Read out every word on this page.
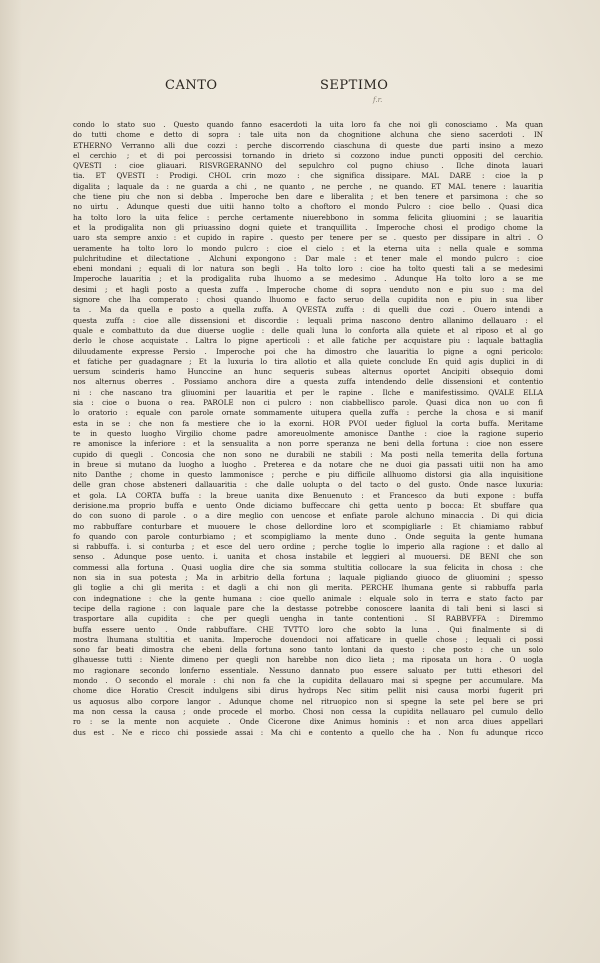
CANTO	SEPTIMO
f.r.
condo lo stato suo . Questo quando fanno esacerdoti la uita loro fa che noi gli conosciamo . Ma quan
do tutti chome e detto di sopra : tale uita non da chognitione alchuna che sieno sacerdoti . IN
ETHERNO Verranno alli due cozzi : perche discorrendo ciaschuna di queste due parti insino a mezo
el cerchio ; et di poi percossisi tornando in drieto si cozzono indue puncti oppositi del cerchio.
QVESTI : cioe gliauari. RISVRGERANNO del sepulchro col pugno chiuso . Ilche dinota lauari
tia. ET QVESTI : Prodigi. CHOL crin mozo : che significa dissipare. MAL DARE : cioe la p
digalita ; laquale da : ne guarda a chi , ne quanto , ne perche , ne quando. ET MAL tenere : lauaritia
che tiene piu che non si debba . Imperoche ben dare e liberalita ; et ben tenere et parsimona : che so
no uirtu . Adunque questi due uitii hanno tolto a choftoro el mondo Pulcro : cioe bello . Quasi dica
ha tolto loro la uita felice : perche certamente niuerebbono in somma felicita gliuomini ; se lauaritia
et la prodigalita non gli priuassino dogni quiete et tranquillita . Imperoche chosi el prodigo chome la
uaro sta sempre anxio : et cupido in rapire . questo per tenere per se . questo per dissipare in altri . O
ueramente ha tolto loro lo mondo pulcro : cioe el cielo : et la eterna uita : nella quale e somma
pulchritudine et dilectatione . Alchuni expongono : Dar male : et tener male el mondo pulcro : cioe
ebeni mondani ; equali di lor natura son begli . Ha tolto loro : cioe ha tolto questi tali a se medesimi
Imperoche lauaritia ; et la prodigalita ruba lhuomo a se medesimo . Adunque Ha tolto loro a se me
desimi ; et hagli posto a questa zuffa . Imperoche chome di sopra uenduto non e piu suo : ma del
signore che lha comperato : chosi quando lhuomo e facto seruo della cupidita non e piu in sua liber
ta . Ma da quella e posto a quella zuffa. A QVESTA zuffa : di quelli due cozi . Ouero intendi a
questa zuffa : cioe alle dissensioni et discordie : lequali prima nascono dentro allanimo dellauaro : el
quale e combattuto da due diuerse uoglie : delle quali luna lo conforta alla quiete et al riposo et al go
derlo le chose acquistate . Laltra lo pigne aperticoli : et alle fatiche per acquistare piu : laquale battaglia
diluudamente expresse Persio . Imperoche poi che ha dimostro che lauaritia lo pigne a ogni pericolo:
et fatiche per guadagnare ; Et la luxuria lo tira allotio et alla quiete conclude En quid agis duplici in di
uersum scinderis hamo Hunccine an hunc sequeris subeas alternus oportet Ancipiti obsequio domi
nos alternus oberres . Possiamo anchora dire a questa zuffa intendendo delle dissensioni et contentio
ni : che nascano tra gliuomini per lauaritia et per le rapine . Ilche e manifestissimo. QVALE ELLA
sia : cioe o buona o rea. PAROLE non ci pulcro : non ciabbellisco parole. Quasi dica non uo con fi
lo oratorio : equale con parole ornate sommamente uitupera quella zuffa : perche la chosa e si manif
esta in se : che non fa mestiere che io la exorni. HOR PVOI ueder figluol la corta buffa. Meritame
te in questo luogho Virgilio chome padre amoreuolmente amonisce Danthe : cioe la ragione superio
re amonisce la inferiore : et la sensualita a non porre speranza ne beni della fortuna : cioe non essere
cupido di quegli . Concosia che non sono ne durabili ne stabili : Ma posti nella temerita della fortuna
in breue si mutano da luogho a luogho . Preterea e da notare che ne duoi gia passati uitii non ha amo
nito Danthe ; chome in questo lammonisce ; perche e piu difficile allhuomo distorsi gia alla inquisitione
delle gran chose absteneri dallauaritia : che dalle uolupta o del tacto o del gusto. Onde nasce luxuria:
et gola. LA CORTA buffa : la breue uanita dixe Benuenuto : et Francesco da buti expone : buffa
derisione.ma proprio buffa e uento Onde diciamo buffeccare chi getta uento p bocca: Et sbuffare qua
do con suono di parole . o a dire meglio con uencose et enfiate parole alchuno minaccia . Di qui dicia
mo rabbuffare conturbare et muouere le chose dellordine loro et scompigliarle : Et chiamiamo rabbuf
fo quando con parole conturbiamo ; et scompigliamo la mente duno . Onde seguita la gente humana
si rabbuffa. i. si conturba ; et esce del uero ordine ; perche toglie lo imperio alla ragione : et dallo al
senso . Adunque pose uento. i. uanita et chosa instabile et leggieri al muouersi. DE BENI che son
commessi alla fortuna . Quasi uoglia dire che sia somma stultitia collocare la sua felicita in chosa : che
non sia in sua potesta ; Ma in arbitrio della fortuna ; laquale pigliando giuoco de gliuomini ; spesso
gli toglie a chi gli merita : et dagli a chi non gli merita. PERCHE lhumana gente si rabbuffa parla
con indegnatione : che la gente humana : cioe quello animale : elquale solo in terra e stato facto par
tecipe della ragione : con laquale pare che la destasse potrebbe conoscere laanita di tali beni si lasci si
trasportare alla cupidita : che per quegli uengha in tante contentioni . SI RABBVFFA : Diremmo
buffa essere uento . Onde rabbuffare. CHE TVTTO loro che sobto la luna . Qui finalmente si di
mostra lhumana stultitia et uanita. Imperoche douendoci noi affaticare in quelle chose ; lequali ci possi
sono far beati dimostra che ebeni della fortuna sono tanto lontani da questo : che posto : che un solo
glhauesse tutti : Niente dimeno per quegli non harebbe non dico lieta ; ma riposata un hora . O uogla
mo ragionare secondo lonferno essentiale. Nessuno dannato puo essere saluato per tutti ethesori del
mondo . O secondo el morale : chi non fa che la cupidita dellauaro mai si spegne per accumulare. Ma
chome dice Horatio Crescit indulgens sibi dirus hydrops Nec sitim pellit nisi causa morbi fugerit pri
us aquosus albo corpore langor . Adunque chome nel ritruopico non si spegne la sete pel bere se pri
ma non cessa la causa ; onde procede el morbo. Chosi non cessa la cupidita nellauaro pel cumulo dello
ro : se la mente non acquiete . Onde Cicerone dixe Animus hominis : et non arca diues appellari
dus est . Ne e ricco chi possiede assai : Ma chi e contento a quello che ha . Non fu adunque ricco
